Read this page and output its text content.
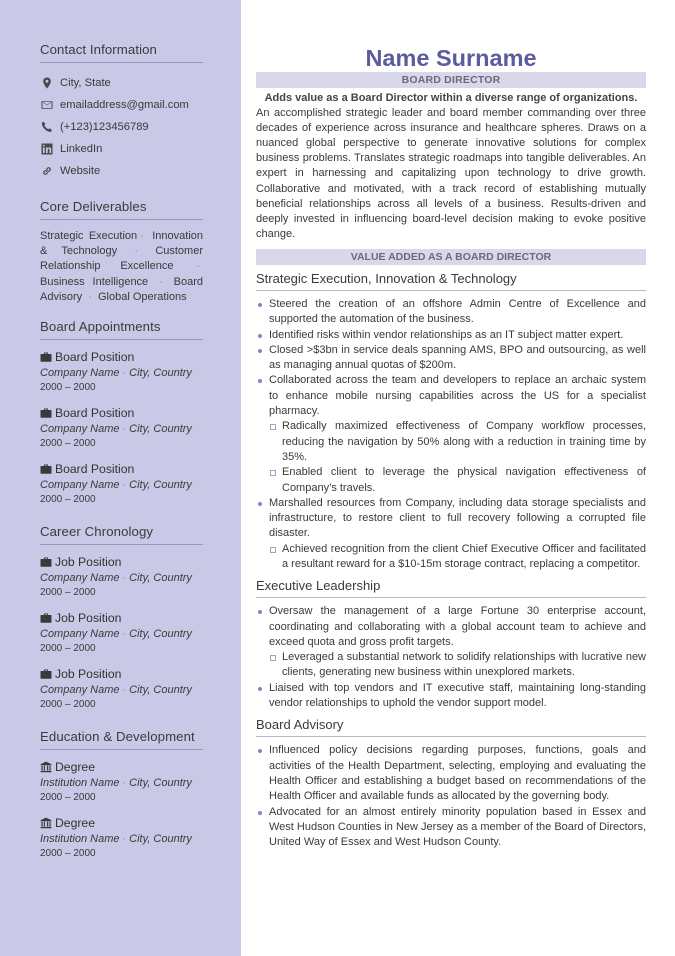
Contact Information
City, State
emailaddress@gmail.com
(+123)123456789
LinkedIn
Website
Core Deliverables

Strategic Execution · Innovation & Technology · Customer Relationship Excellence · Business Intelligence · Board Advisory · Global Operations

Board Appointments
Board Position
Company Name · City, Country
2000 – 2000
Board Position
Company Name · City, Country
2000 – 2000
Board Position
Company Name · City, Country
2000 – 2000
Career Chronology
Job Position
Company Name · City, Country
2000 – 2000
Job Position
Company Name · City, Country
2000 – 2000
Job Position
Company Name · City, Country
2000 – 2000
Education & Development
Degree
Institution Name · City, Country
2000 – 2000
Degree
Institution Name · City, Country
2000 – 2000
Name Surname
BOARD DIRECTOR

Adds value as a Board Director within a diverse range of organizations.
An accomplished strategic leader and board member commanding over three decades of experience across insurance and healthcare spheres. Draws on a nuanced global perspective to generate innovative solutions for complex business problems. Translates strategic roadmaps into tangible deliverables. An expert in harnessing and capitalizing upon technology to drive growth. Collaborative and motivated, with a track record of establishing mutually beneficial relationships across all levels of a business. Results-driven and deeply invested in influencing board-level decision making to evoke positive change.

VALUE ADDED AS A BOARD DIRECTOR
Strategic Execution, Innovation & Technology
Steered the creation of an offshore Admin Centre of Excellence and supported the automation of the business.
Identified risks within vendor relationships as an IT subject matter expert.
Closed >$3bn in service deals spanning AMS, BPO and outsourcing, as well as managing annual quotas of $200m.
Collaborated across the team and developers to replace an archaic system to enhance mobile nursing capabilities across the US for a specialist pharmacy.
Radically maximized effectiveness of Company workflow processes, reducing the navigation by 50% along with a reduction in training time by 35%.
Enabled client to leverage the physical navigation effectiveness of Company’s travels.
Marshalled resources from Company, including data storage specialists and infrastructure, to restore client to full recovery following a corrupted file disaster.
Achieved recognition from the client Chief Executive Officer and facilitated a resultant reward for a $10-15m storage contract, replacing a competitor.
Executive Leadership
Oversaw the management of a large Fortune 30 enterprise account, coordinating and collaborating with a global account team to achieve and exceed quota and gross profit targets.
Leveraged a substantial network to solidify relationships with lucrative new clients, generating new business within unexplored markets.
Liaised with top vendors and IT executive staff, maintaining long-standing vendor relationships to uphold the vendor support model.
Board Advisory
Influenced policy decisions regarding purposes, functions, goals and activities of the Health Department, selecting, employing and evaluating the Health Officer and establishing a budget based on recommendations of the Health Officer and available funds as allocated by the governing body.
Advocated for an almost entirely minority population based in Essex and West Hudson Counties in New Jersey as a member of the Board of Directors, United Way of Essex and West Hudson County.
